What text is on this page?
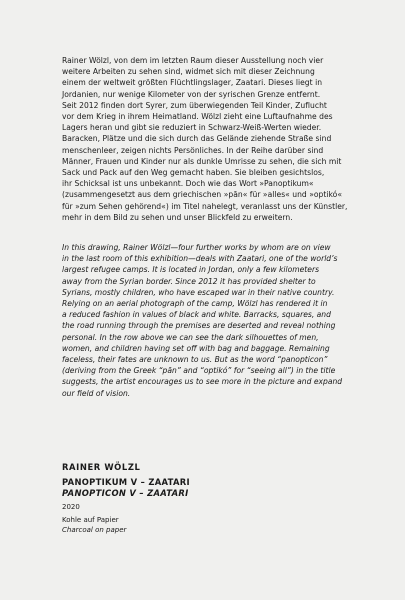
Rainer Wölzl, von dem im letzten Raum dieser Ausstellung noch vier
weitere Arbeiten zu sehen sind, widmet sich mit dieser Zeichnung
einem der weltweit größten Flüchtlingslager, Zaatari. Dieses liegt in
Jordanien, nur wenige Kilometer von der syrischen Grenze entfernt.
Seit 2012 finden dort Syrer, zum überwiegenden Teil Kinder, Zuflucht
vor dem Krieg in ihrem Heimatland. Wölzl zieht eine Luftaufnahme des
Lagers heran und gibt sie reduziert in Schwarz-Weiß-Werten wieder.
Baracken, Plätze und die sich durch das Gelände ziehende Straße sind
menschenleer, zeigen nichts Persönliches. In der Reihe darüber sind
Männer, Frauen und Kinder nur als dunkle Umrisse zu sehen, die sich mit
Sack und Pack auf den Weg gemacht haben. Sie bleiben gesichtslos,
ihr Schicksal ist uns unbekannt. Doch wie das Wort »Panoptikum«
(zusammengesetzt aus dem griechischen »pān« für »alles« und »optikó«
für »zum Sehen gehörend«) im Titel nahelegt, veranlasst uns der Künstler,
mehr in dem Bild zu sehen und unser Blickfeld zu erweitern.
In this drawing, Rainer Wölzl—four further works by whom are on view
in the last room of this exhibition—deals with Zaatari, one of the world’s
largest refugee camps. It is located in Jordan, only a few kilometers
away from the Syrian border. Since 2012 it has provided shelter to
Syrians, mostly children, who have escaped war in their native country.
Relying on an aerial photograph of the camp, Wölzl has rendered it in
a reduced fashion in values of black and white. Barracks, squares, and
the road running through the premises are deserted and reveal nothing
personal. In the row above we can see the dark silhouettes of men,
women, and children having set off with bag and baggage. Remaining
faceless, their fates are unknown to us. But as the word “panopticon”
(deriving from the Greek “pān” and “optikó” for “seeing all”) in the title
suggests, the artist encourages us to see more in the picture and expand
our field of vision.
RAINER WÖLZL
PANOPTIKUM V – ZAATARI
PANOPTICON V – ZAATARI
2020
Kohle auf Papier
Charcoal on paper
